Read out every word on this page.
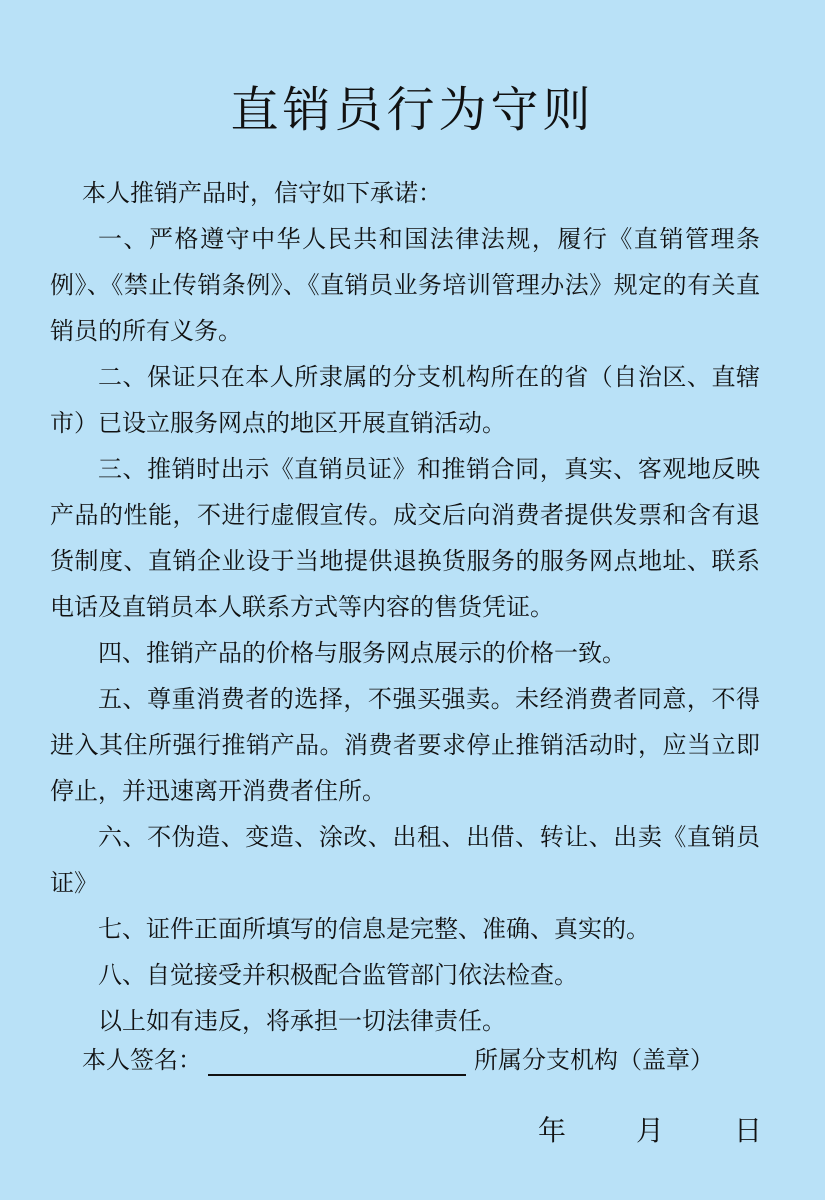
直销员行为守则

本人推销产品时，信守如下承诺：

一、严格遵守中华人民共和国法律法规，履行《直销管理条例》、《禁止传销条例》、《直销员业务培训管理办法》规定的有关直销员的所有义务。

二、保证只在本人所隶属的分支机构所在的省（自治区、直辖市）已设立服务网点的地区开展直销活动。

三、推销时出示《直销员证》和推销合同，真实、客观地反映产品的性能，不进行虚假宣传。成交后向消费者提供发票和含有退货制度、直销企业设于当地提供退换货服务的服务网点地址、联系电话及直销员本人联系方式等内容的售货凭证。

四、推销产品的价格与服务网点展示的价格一致。

五、尊重消费者的选择，不强买强卖。未经消费者同意，不得进入其住所强行推销产品。消费者要求停止推销活动时，应当立即停止，并迅速离开消费者住所。

六、不伪造、变造、涂改、出租、出借、转让、出卖《直销员证》

七、证件正面所填写的信息是完整、准确、真实的。

八、自觉接受并积极配合监管部门依法检查。

以上如有违反，将承担一切法律责任。

本人签名：	所属分支机构（盖章）
年 月 日
